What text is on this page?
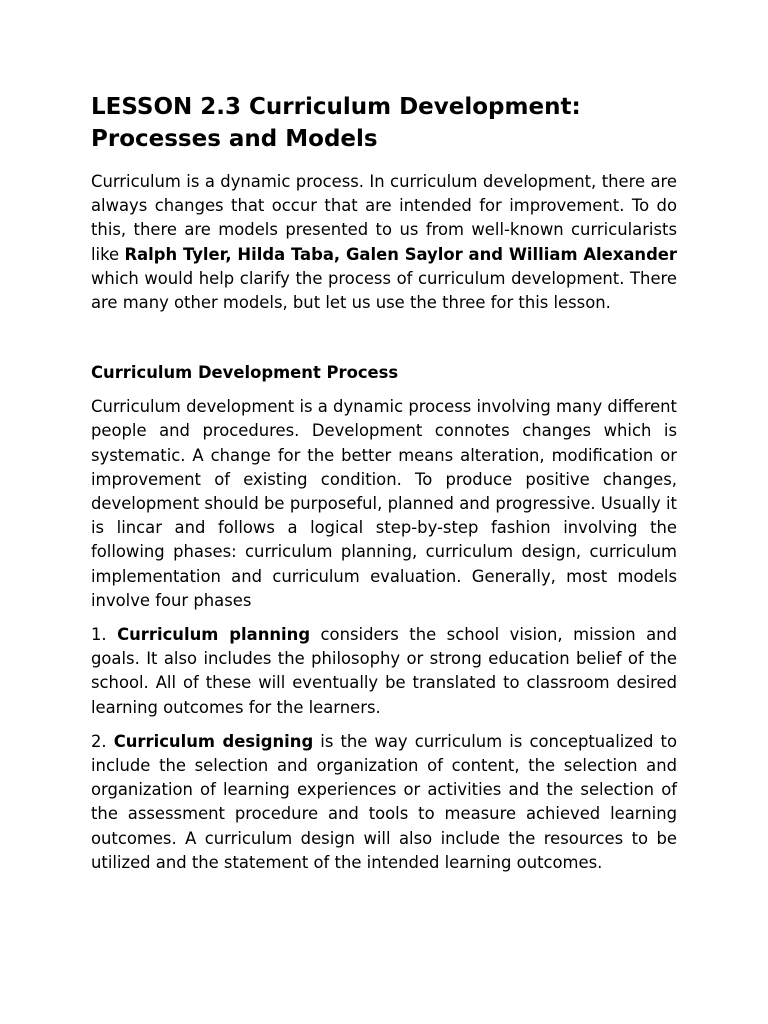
LESSON 2.3 Curriculum Development:
Processes and Models

Curriculum is a dynamic process. In curriculum development, there are always changes that occur that are intended for improvement. To do this, there are models presented to us from well-known curricularists like Ralph Tyler, Hilda Taba, Galen Saylor and William Alexander which would help clarify the process of curriculum development. There are many other models, but let us use the three for this lesson.

Curriculum Development Process

Curriculum development is a dynamic process involving many different people and procedures. Development connotes changes which is systematic. A change for the better means alteration, modification or improvement of existing condition. To produce positive changes, development should be purposeful, planned and progressive. Usually it is lincar and follows a logical step-by-step fashion involving the following phases: curriculum planning, curriculum design, curriculum implementation and curriculum evaluation. Generally, most models involve four phases

1. Curriculum planning considers the school vision, mission and goals. It also includes the philosophy or strong education belief of the school. All of these will eventually be translated to classroom desired learning outcomes for the learners.

2. Curriculum designing is the way curriculum is conceptualized to include the selection and organization of content, the selection and organization of learning experiences or activities and the selection of the assessment procedure and tools to measure achieved learning outcomes. A curriculum design will also include the resources to be utilized and the statement of the intended learning outcomes.
